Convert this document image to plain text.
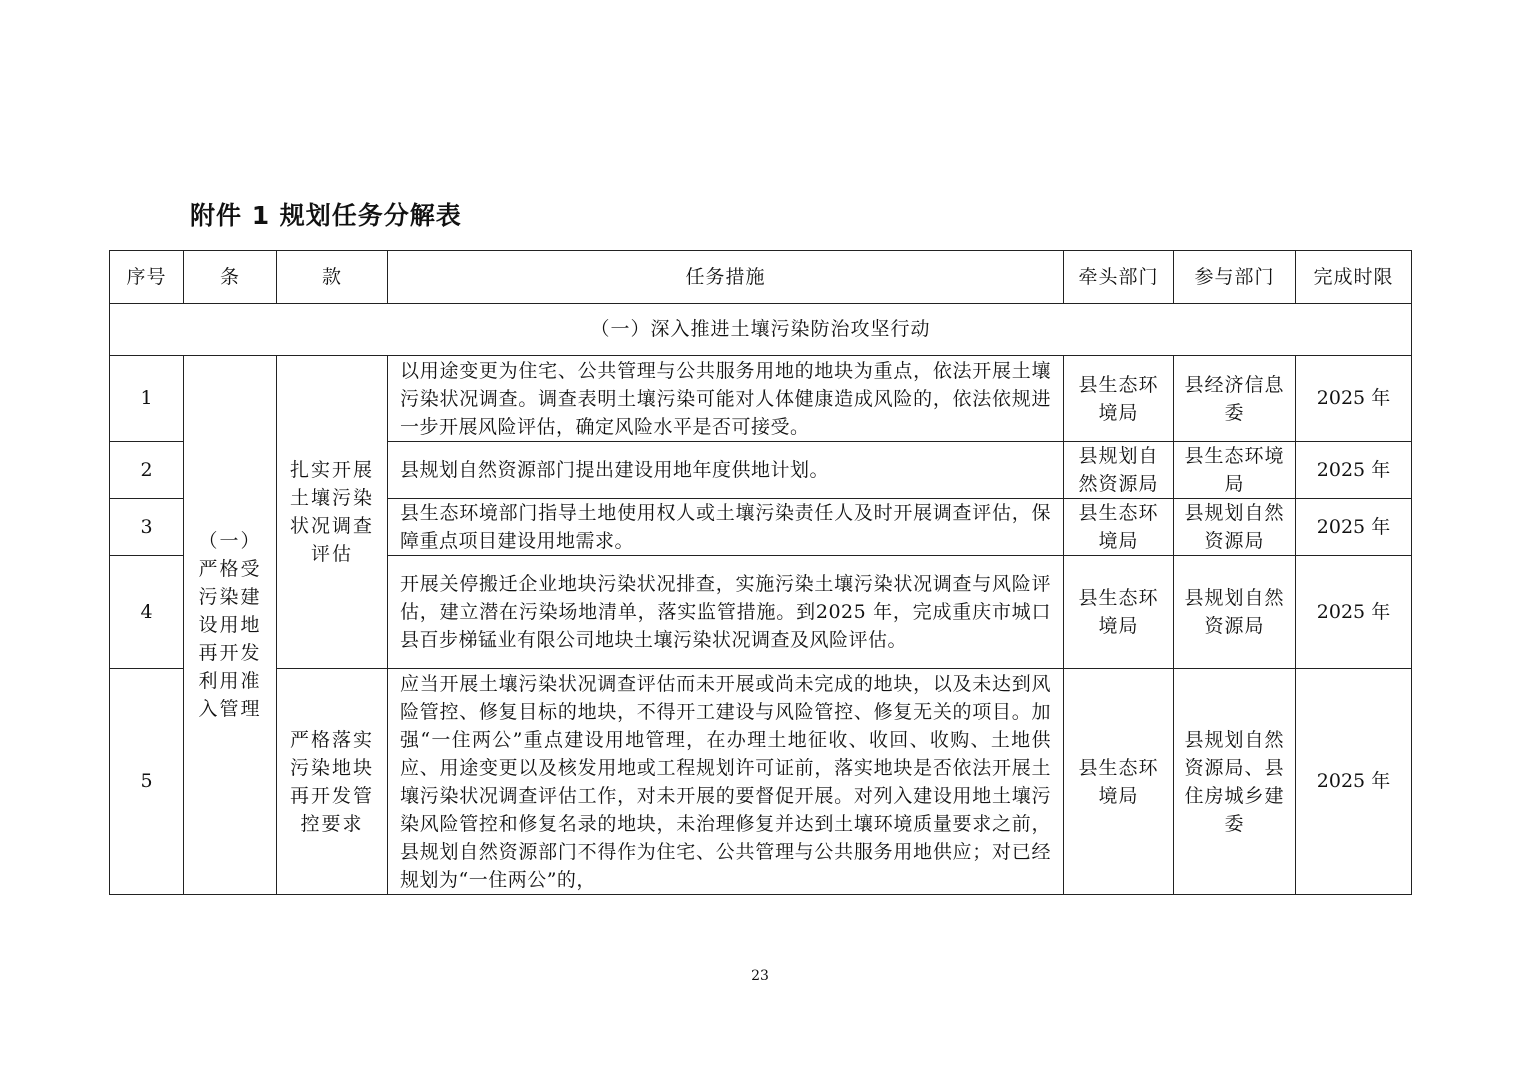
附件 1 规划任务分解表
序号	条	款	任务措施	牵头部门	参与部门	完成时限
（一）深入推进土壤污染防治攻坚行动						
1	（一）严格受污染建设用地再开发利用准入管理	扎实开展土壤污染状况调查评估	以用途变更为住宅、公共管理与公共服务用地的地块为重点，依法开展土壤污染状况调查。调查表明土壤污染可能对人体健康造成风险的，依法依规进一步开展风险评估，确定风险水平是否可接受。	县生态环境局	县经济信息委	2025 年
2			县规划自然资源部门提出建设用地年度供地计划。	县规划自然资源局	县生态环境局	2025 年
3			县生态环境部门指导土地使用权人或土壤污染责任人及时开展调查评估，保障重点项目建设用地需求。	县生态环境局	县规划自然资源局	2025 年
4			开展关停搬迁企业地块污染状况排查，实施污染土壤污染状况调查与风险评估，建立潜在污染场地清单，落实监管措施。到2025 年，完成重庆市城口县百步梯锰业有限公司地块土壤污染状况调查及风险评估。	县生态环境局	县规划自然资源局	2025 年
5		严格落实污染地块再开发管控要求	应当开展土壤污染状况调查评估而未开展或尚未完成的地块，以及未达到风险管控、修复目标的地块，不得开工建设与风险管控、修复无关的项目。加强“一住两公”重点建设用地管理，在办理土地征收、收回、收购、土地供应、用途变更以及核发用地或工程规划许可证前，落实地块是否依法开展土壤污染状况调查评估工作，对未开展的要督促开展。对列入建设用地土壤污染风险管控和修复名录的地块，未治理修复并达到土壤环境质量要求之前，县规划自然资源部门不得作为住宅、公共管理与公共服务用地供应；对已经规划为“一住两公”的，	县生态环境局	县规划自然资源局、县住房城乡建委	2025 年
23
